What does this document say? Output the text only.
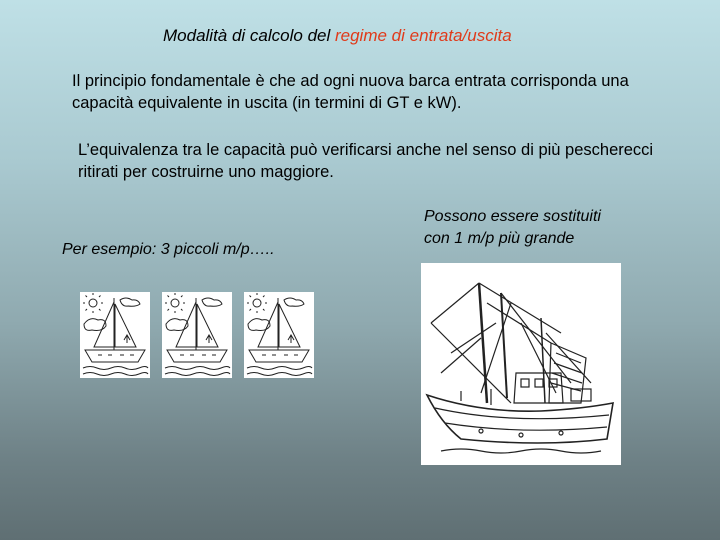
Modalità di calcolo del regime di entrata/uscita
Il principio fondamentale è che ad ogni nuova barca entrata corrisponda una capacità equivalente in uscita (in termini di GT e kW).
L’equivalenza tra le capacità può verificarsi anche nel senso di più pescherecci ritirati per costruirne uno maggiore.
Per esempio: 3 piccoli m/p…..
Possono essere sostituiti
con 1 m/p più grande
